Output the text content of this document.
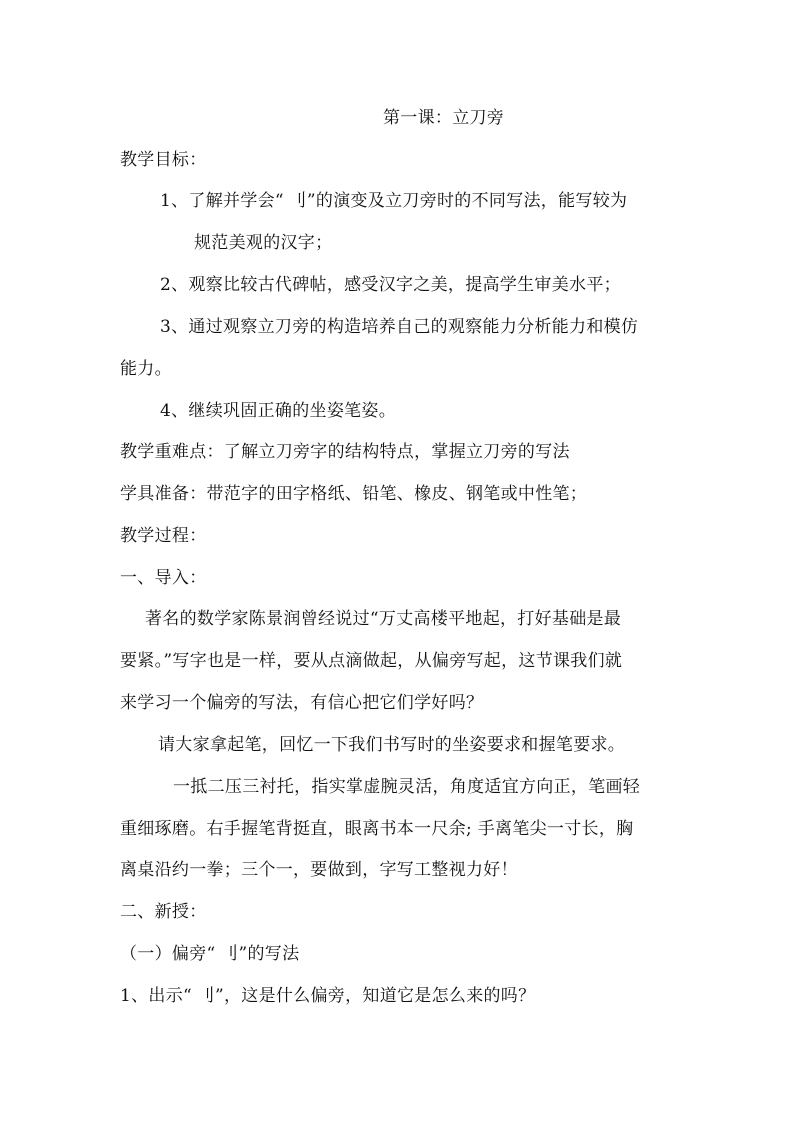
第一课：立刀旁
教学目标：
1、了解并学会“ 刂”的演变及立刀旁时的不同写法，能写较为
规范美观的汉字；
2、观察比较古代碑帖，感受汉字之美，提高学生审美水平；
3、通过观察立刀旁的构造培养自己的观察能力分析能力和模仿
能力。
4、继续巩固正确的坐姿笔姿。
教学重难点：了解立刀旁字的结构特点，掌握立刀旁的写法
学具准备：带范字的田字格纸、铅笔、橡皮、钢笔或中性笔；
教学过程：
一、导入：
著名的数学家陈景润曾经说过“万丈高楼平地起，打好基础是最
要紧。”写字也是一样，要从点滴做起，从偏旁写起，这节课我们就
来学习一个偏旁的写法，有信心把它们学好吗？
请大家拿起笔，回忆一下我们书写时的坐姿要求和握笔要求。
一抵二压三衬托，指实掌虚腕灵活，角度适宜方向正，笔画轻
重细琢磨。右手握笔背挺直，眼离书本一尺余; 手离笔尖一寸长，胸
离桌沿约一拳；三个一，要做到，字写工整视力好！
二、新授：
（一）偏旁“ 刂”的写法
1、出示“ 刂”，这是什么偏旁，知道它是怎么来的吗？
